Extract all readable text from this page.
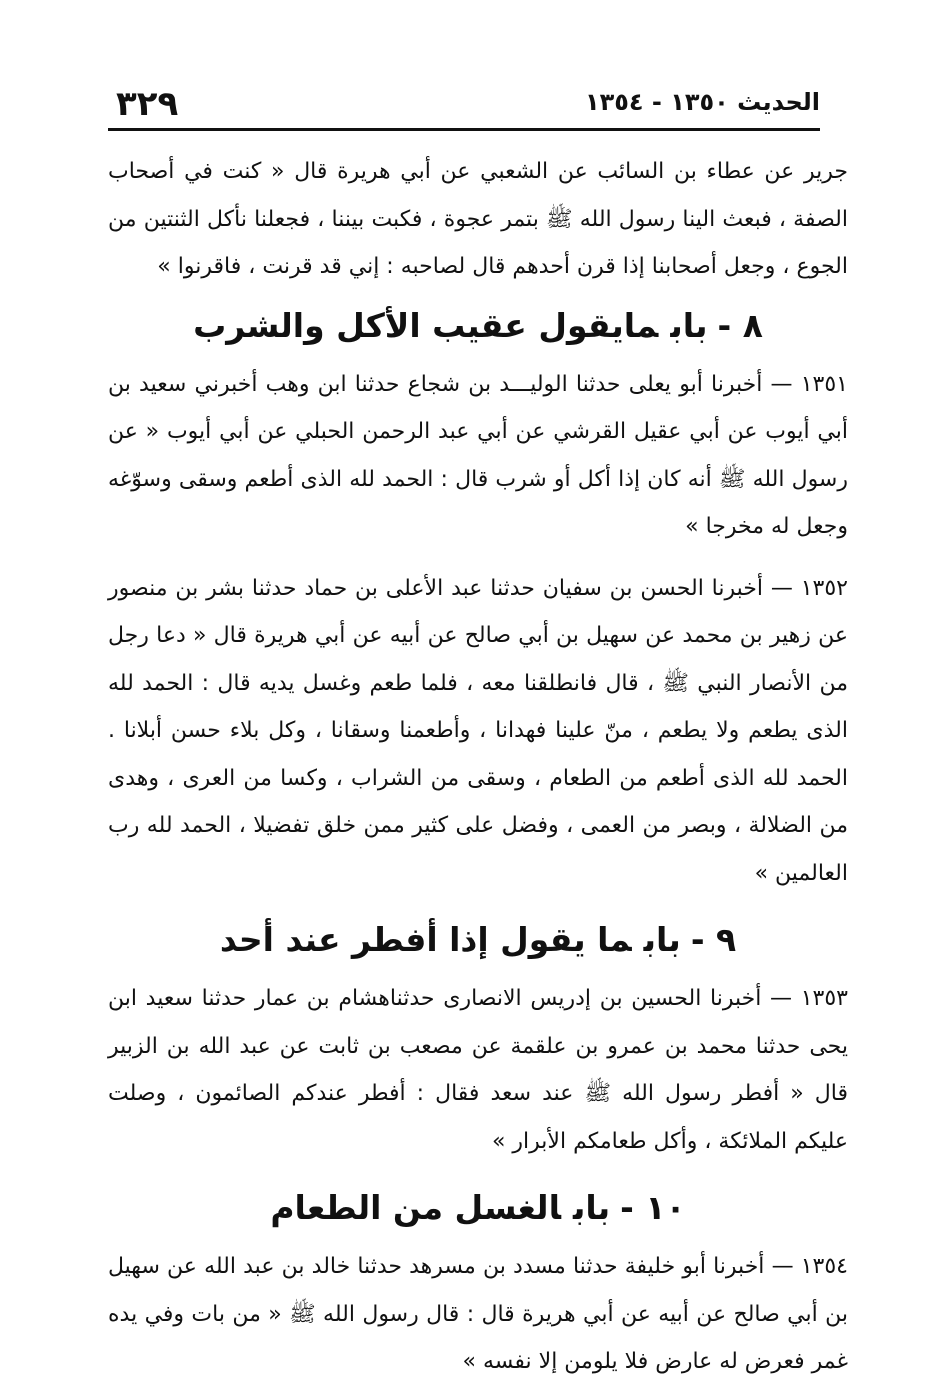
٣٢٩	الحديث ١٣٥٠ - ١٣٥٤

جرير عن عطاء بن السائب عن الشعبي عن أبي هريرة قال « كنت في أصحاب الصفة ، فبعث الينا رسول الله ﷺ بتمر عجوة ، فكبت بيننا ، فجعلنا نأكل الثنتين من الجوع ، وجعل أصحابنا إذا قرن أحدهم قال لصاحبه : إني قد قرنت ، فاقرنوا »

٨ -بابمايقول عقيب الأكل والشرب

١٣٥١ — أخبرنا أبو يعلى حدثنا الوليـــد بن شجاع حدثنا ابن وهب أخبرني سعيد بن أبي أيوب عن أبي عقيل القرشي عن أبي عبد الرحمن الحبلي عن أبي أيوب « عن رسول الله ﷺ أنه كان إذا أكل أو شرب قال : الحمد لله الذى أطعم وسقى وسوّغه وجعل له مخرجا »

١٣٥٢ — أخبرنا الحسن بن سفيان حدثنا عبد الأعلى بن حماد حدثنا بشر بن منصور عن زهير بن محمد عن سهيل بن أبي صالح عن أبيه عن أبي هريرة قال « دعا رجل من الأنصار النبي ﷺ ، قال فانطلقنا معه ، فلما طعم وغسل يديه قال : الحمد لله الذى يطعم ولا يطعم ، منّ علينا فهدانا ، وأطعمنا وسقانا ، وكل بلاء حسن أبلانا . الحمد لله الذى أطعم من الطعام ، وسقى من الشراب ، وكسا من العرى ، وهدى من الضلالة ، وبصر من العمى ، وفضل على كثير ممن خلق تفضيلا ، الحمد لله رب العالمين »

٩ -بابما يقول إذا أفطر عند أحد

١٣٥٣ — أخبرنا الحسين بن إدريس الانصارى حدثناهشام بن عمار حدثنا سعيد ابن يحى حدثنا محمد بن عمرو بن علقمة عن مصعب بن ثابت عن عبد الله بن الزبير قال « أفطر رسول الله ﷺ عند سعد فقال : أفطر عندكم الصائمون ، وصلت عليكم الملائكة ، وأكل طعامكم الأبرار »

١٠ -بابالغسل من الطعام

١٣٥٤ — أخبرنا أبو خليفة حدثنا مسدد بن مسرهد حدثنا خالد بن عبد الله عن سهيل بن أبي صالح عن أبيه عن أبي هريرة قال : قال رسول الله ﷺ « من بات وفي يده غمر فعرض له عارض فلا يلومن إلا نفسه »
